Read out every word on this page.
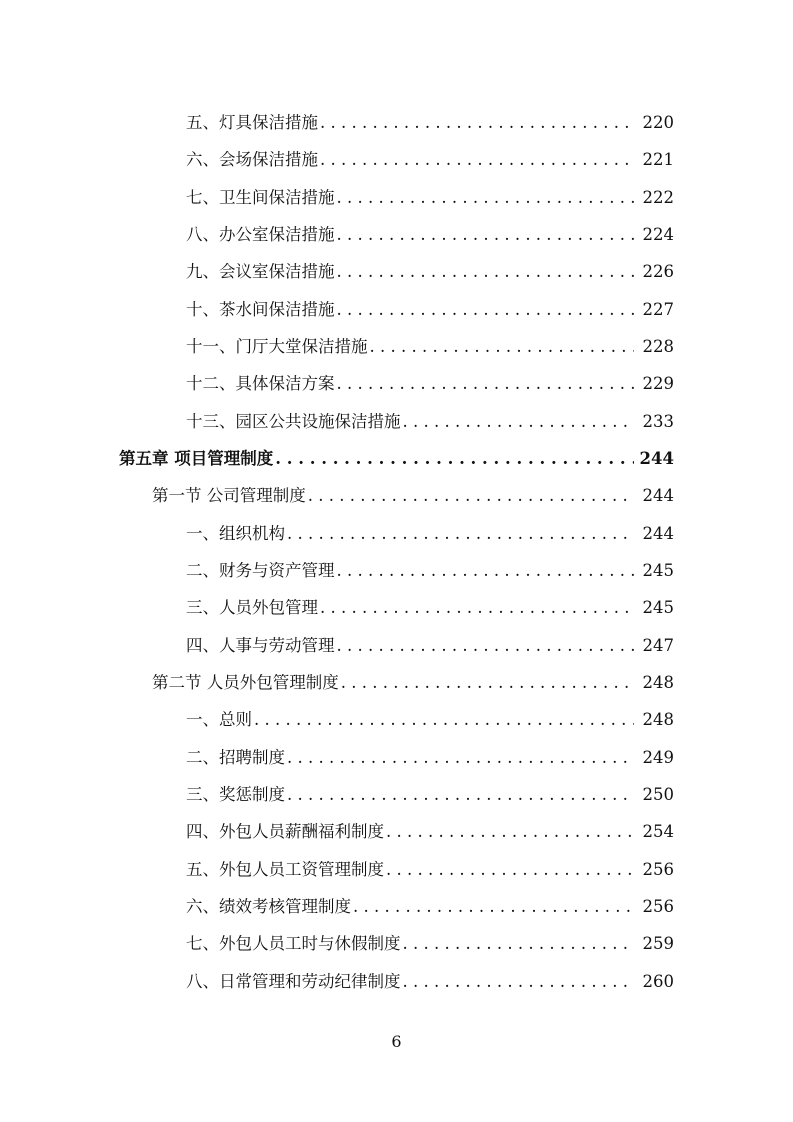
五、灯具保洁措施 . . .	220
六、会场保洁措施 . . .	221
七、卫生间保洁措施 . . .	222
八、办公室保洁措施 . . .	224
九、会议室保洁措施 . . .	226
十、茶水间保洁措施 . . .	227
十一、门厅大堂保洁措施 . . .	228
十二、具体保洁方案 . . .	229
十三、园区公共设施保洁措施 . . .	233
第五章 项目管理制度 . . .	244
第一节 公司管理制度 . . .	244
一、组织机构 . . .	244
二、财务与资产管理 . . .	245
三、人员外包管理 . . .	245
四、人事与劳动管理 . . .	247
第二节 人员外包管理制度 . . .	248
一、总则 . . .	248
二、招聘制度 . . .	249
三、奖惩制度 . . .	250
四、外包人员薪酬福利制度 . . .	254
五、外包人员工资管理制度 . . .	256
六、绩效考核管理制度 . . .	256
七、外包人员工时与休假制度 . . .	259
八、日常管理和劳动纪律制度 . . .	260
6
